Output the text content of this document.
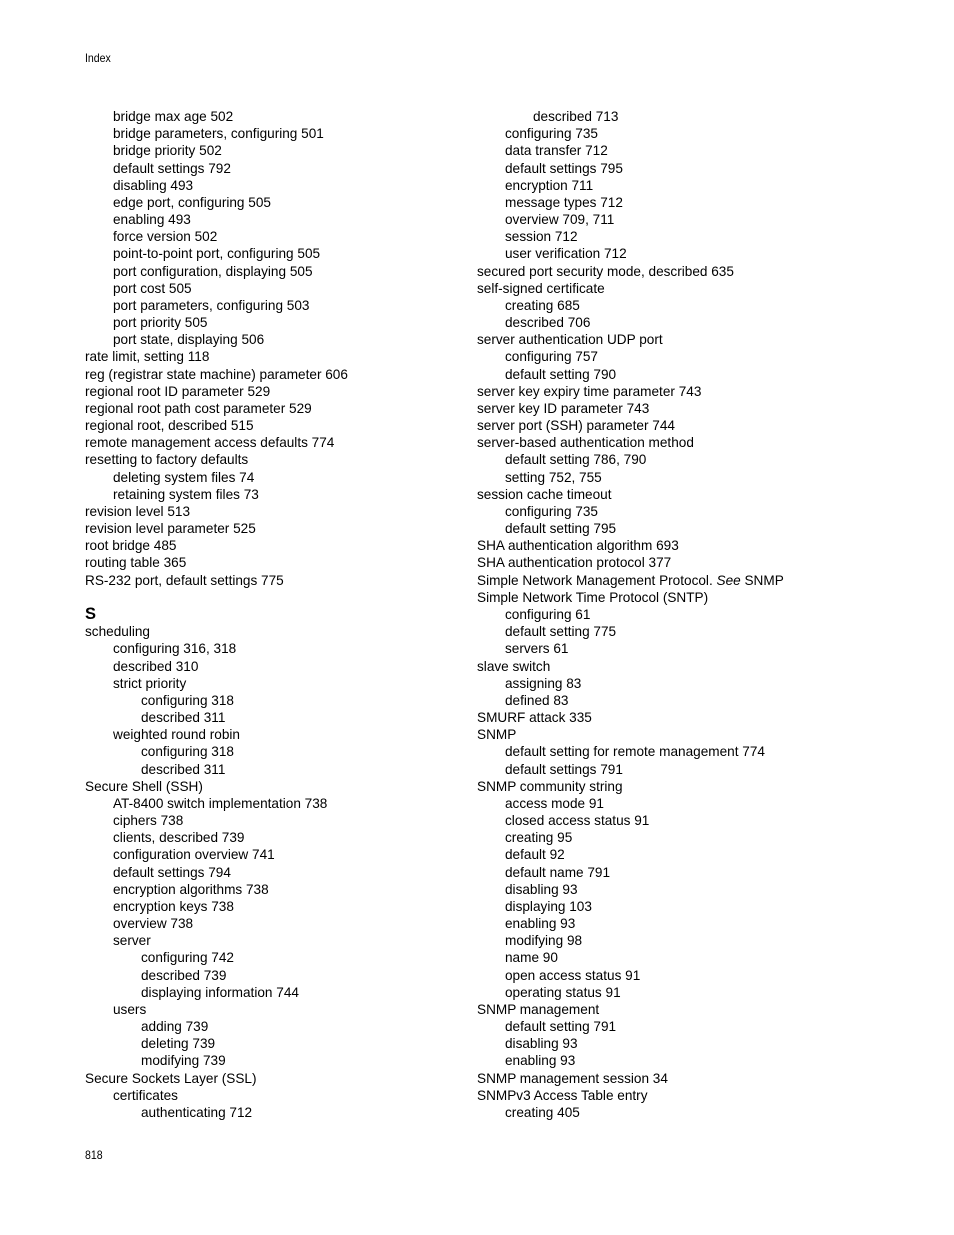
Index
bridge max age 502
bridge parameters, configuring 501
bridge priority 502
default settings 792
disabling 493
edge port, configuring 505
enabling 493
force version 502
point-to-point port, configuring 505
port configuration, displaying 505
port cost 505
port parameters, configuring 503
port priority 505
port state, displaying 506
rate limit, setting 118
reg (registrar state machine) parameter 606
regional root ID parameter 529
regional root path cost parameter 529
regional root, described 515
remote management access defaults 774
resetting to factory defaults
deleting system files 74
retaining system files 73
revision level 513
revision level parameter 525
root bridge 485
routing table 365
RS-232 port, default settings 775
S
scheduling
configuring 316, 318
described 310
strict priority
configuring 318
described 311
weighted round robin
configuring 318
described 311
Secure Shell (SSH)
AT-8400 switch implementation 738
ciphers 738
clients, described 739
configuration overview 741
default settings 794
encryption algorithms 738
encryption keys 738
overview 738
server
configuring 742
described 739
displaying information 744
users
adding 739
deleting 739
modifying 739
Secure Sockets Layer (SSL)
certificates
authenticating 712
described 713
configuring 735
data transfer 712
default settings 795
encryption 711
message types 712
overview 709, 711
session 712
user verification 712
secured port security mode, described 635
self-signed certificate
creating 685
described 706
server authentication UDP port
configuring 757
default setting 790
server key expiry time parameter 743
server key ID parameter 743
server port (SSH) parameter 744
server-based authentication method
default setting 786, 790
setting 752, 755
session cache timeout
configuring 735
default setting 795
SHA authentication algorithm 693
SHA authentication protocol 377
Simple Network Management Protocol. See SNMP
Simple Network Time Protocol (SNTP)
configuring 61
default setting 775
servers 61
slave switch
assigning 83
defined 83
SMURF attack 335
SNMP
default setting for remote management 774
default settings 791
SNMP community string
access mode 91
closed access status 91
creating 95
default 92
default name 791
disabling 93
displaying 103
enabling 93
modifying 98
name 90
open access status 91
operating status 91
SNMP management
default setting 791
disabling 93
enabling 93
SNMP management session 34
SNMPv3 Access Table entry
creating 405
818
